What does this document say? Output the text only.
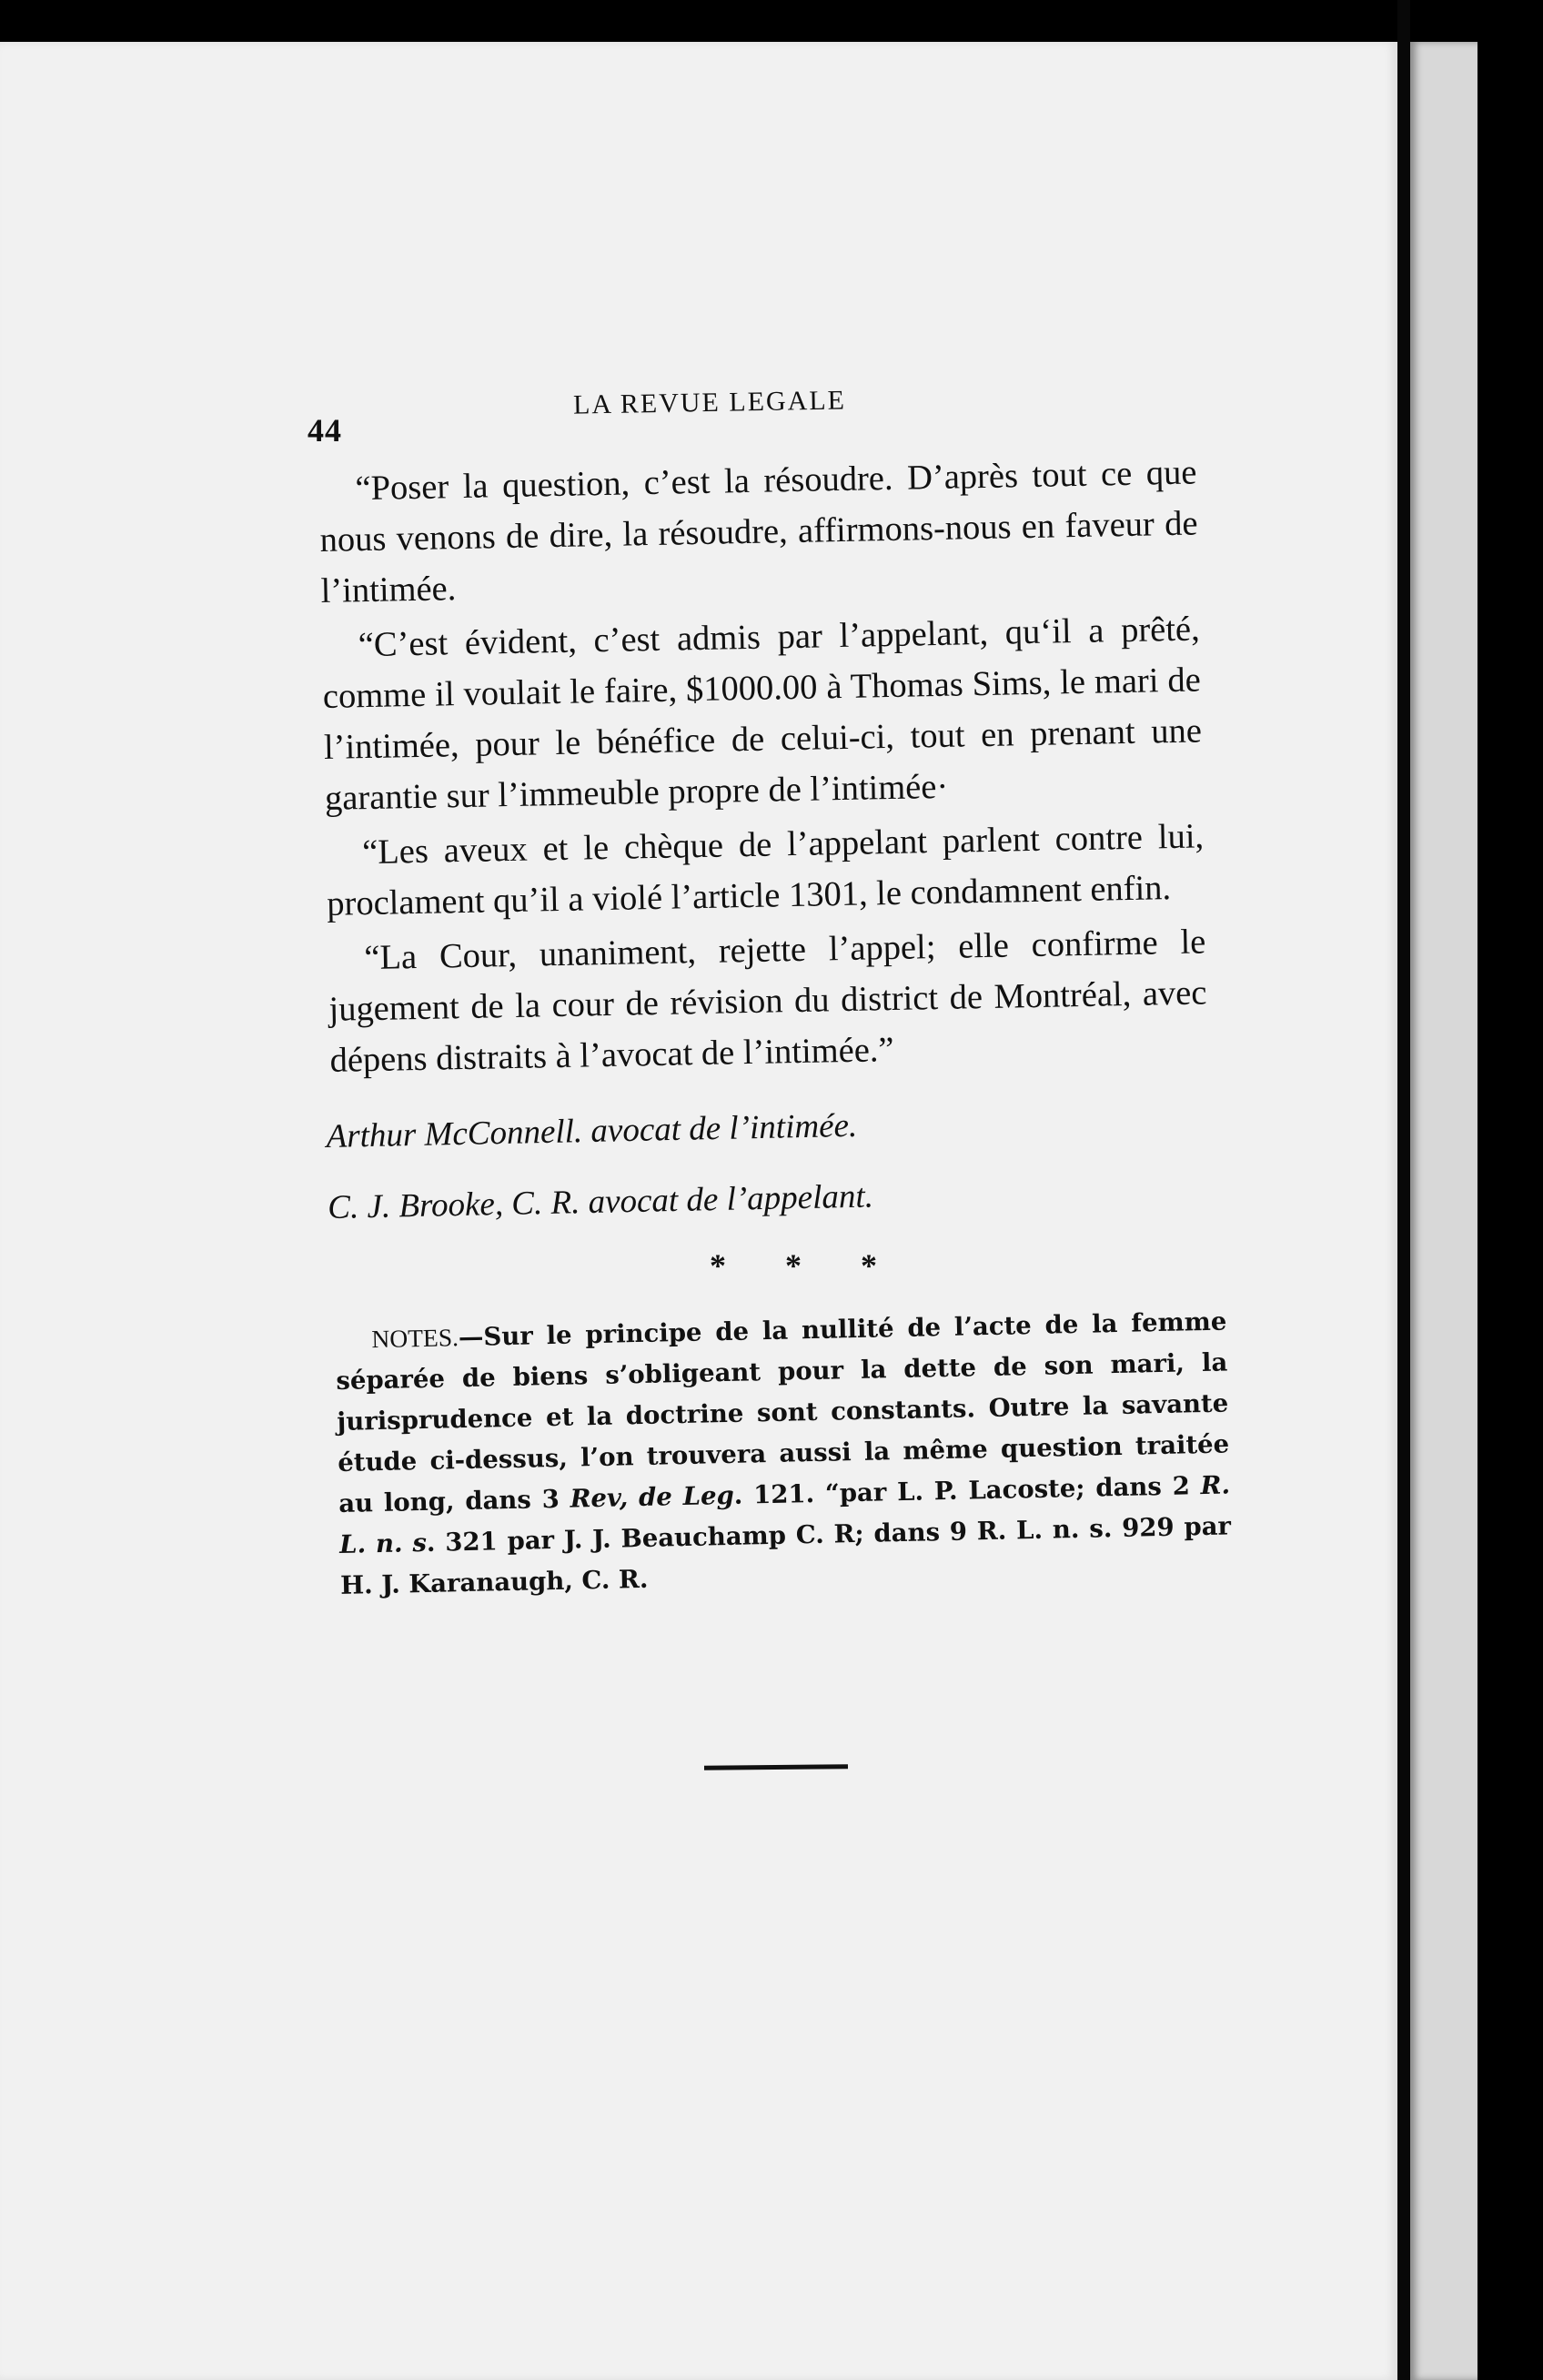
44
LA REVUE LEGALE

“Poser la question, c’est la résoudre. D’après tout ce que nous venons de dire, la résoudre, affirmons-nous en faveur de l’intimée.

“C’est évident, c’est admis par l’appelant, qu‘il a prêté, comme il voulait le faire, $1000.00 à Thomas Sims, le mari de l’intimée, pour le bénéfice de celui-ci, tout en prenant une garantie sur l’immeuble propre de l’intimée·

“Les aveux et le chèque de l’appelant parlent contre lui, proclament qu’il a violé l’article 1301, le condamnent enfin.

“La Cour, unaniment, rejette l’appel; elle confirme le jugement de la cour de révision du district de Montréal, avec dépens distraits à l’avocat de l’intimée.”

Arthur McConnell. avocat de l’intimée.
C. J. Brooke, C. R. avocat de l’appelant.
* * *

NOTES.—Sur le principe de la nullité de l’acte de la femme séparée de biens s’obligeant pour la dette de son mari, la jurisprudence et la doctrine sont constants. Outre la savante étude ci-dessus, l’on trouvera aussi la même question traitée au long, dans 3 Rev, de Leg. 121. “par L. P. Lacoste; dans 2 R. L. n. s. 321 par J. J. Beauchamp C. R; dans 9 R. L. n. s. 929 par H. J. Karanaugh, C. R.
